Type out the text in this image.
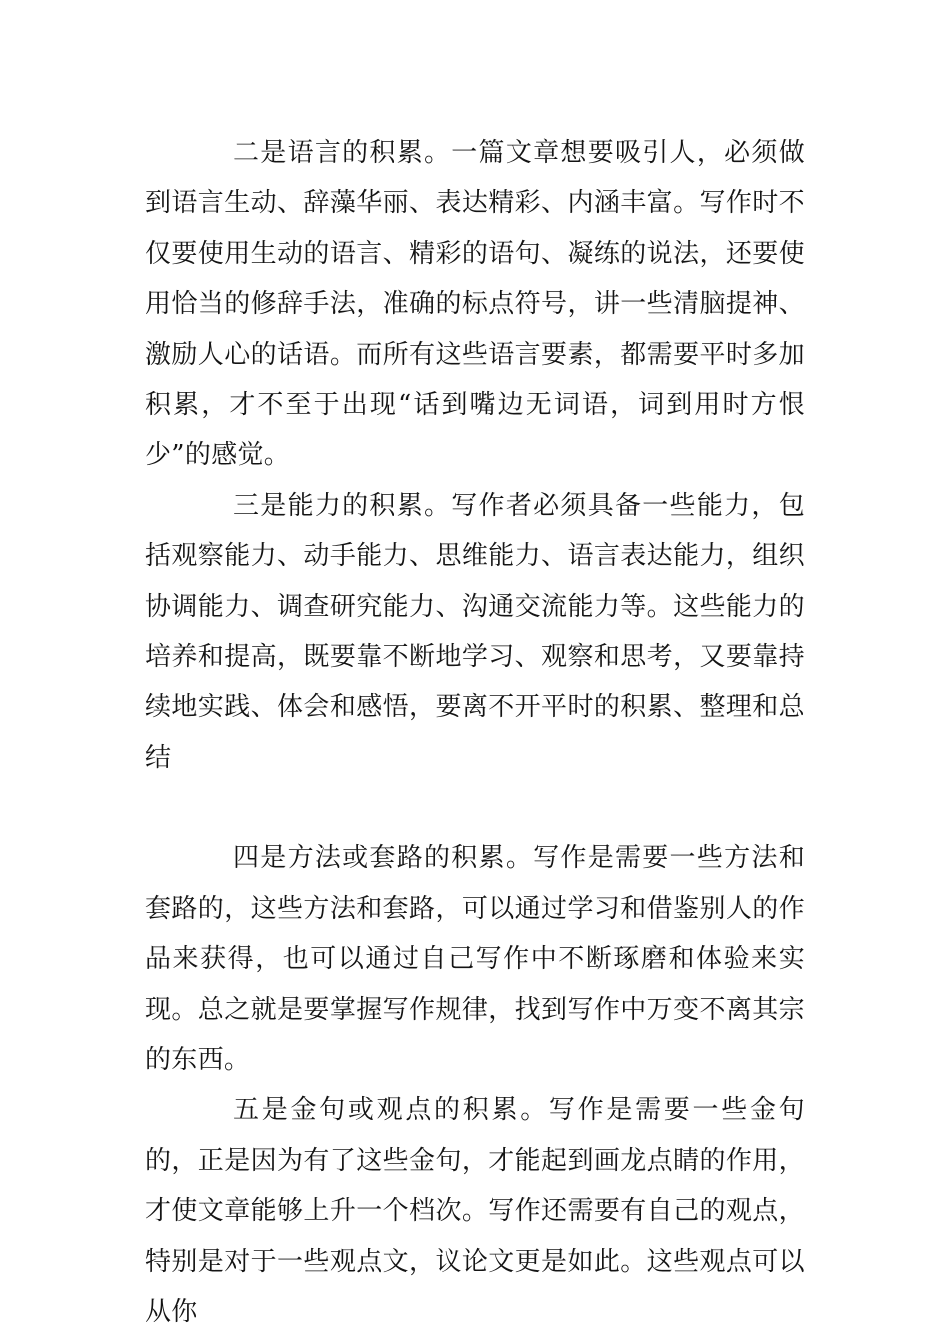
二是语言的积累。一篇文章想要吸引人，必须做到语言生动、辞藻华丽、表达精彩、内涵丰富。写作时不仅要使用生动的语言、精彩的语句、凝练的说法，还要使用恰当的修辞手法，准确的标点符号，讲一些清脑提神、激励人心的话语。而所有这些语言要素，都需要平时多加积累，才不至于出现“话到嘴边无词语，词到用时方恨少”的感觉。

三是能力的积累。写作者必须具备一些能力，包括观察能力、动手能力、思维能力、语言表达能力，组织协调能力、调查研究能力、沟通交流能力等。这些能力的培养和提高，既要靠不断地学习、观察和思考，又要靠持续地实践、体会和感悟，要离不开平时的积累、整理和总结

四是方法或套路的积累。写作是需要一些方法和套路的，这些方法和套路，可以通过学习和借鉴别人的作品来获得，也可以通过自己写作中不断琢磨和体验来实现。总之就是要掌握写作规律，找到写作中万变不离其宗的东西。

五是金句或观点的积累。写作是需要一些金句的，正是因为有了这些金句，才能起到画龙点睛的作用，才使文章能够上升一个档次。写作还需要有自己的观点，特别是对于一些观点文，议论文更是如此。这些观点可以从你
